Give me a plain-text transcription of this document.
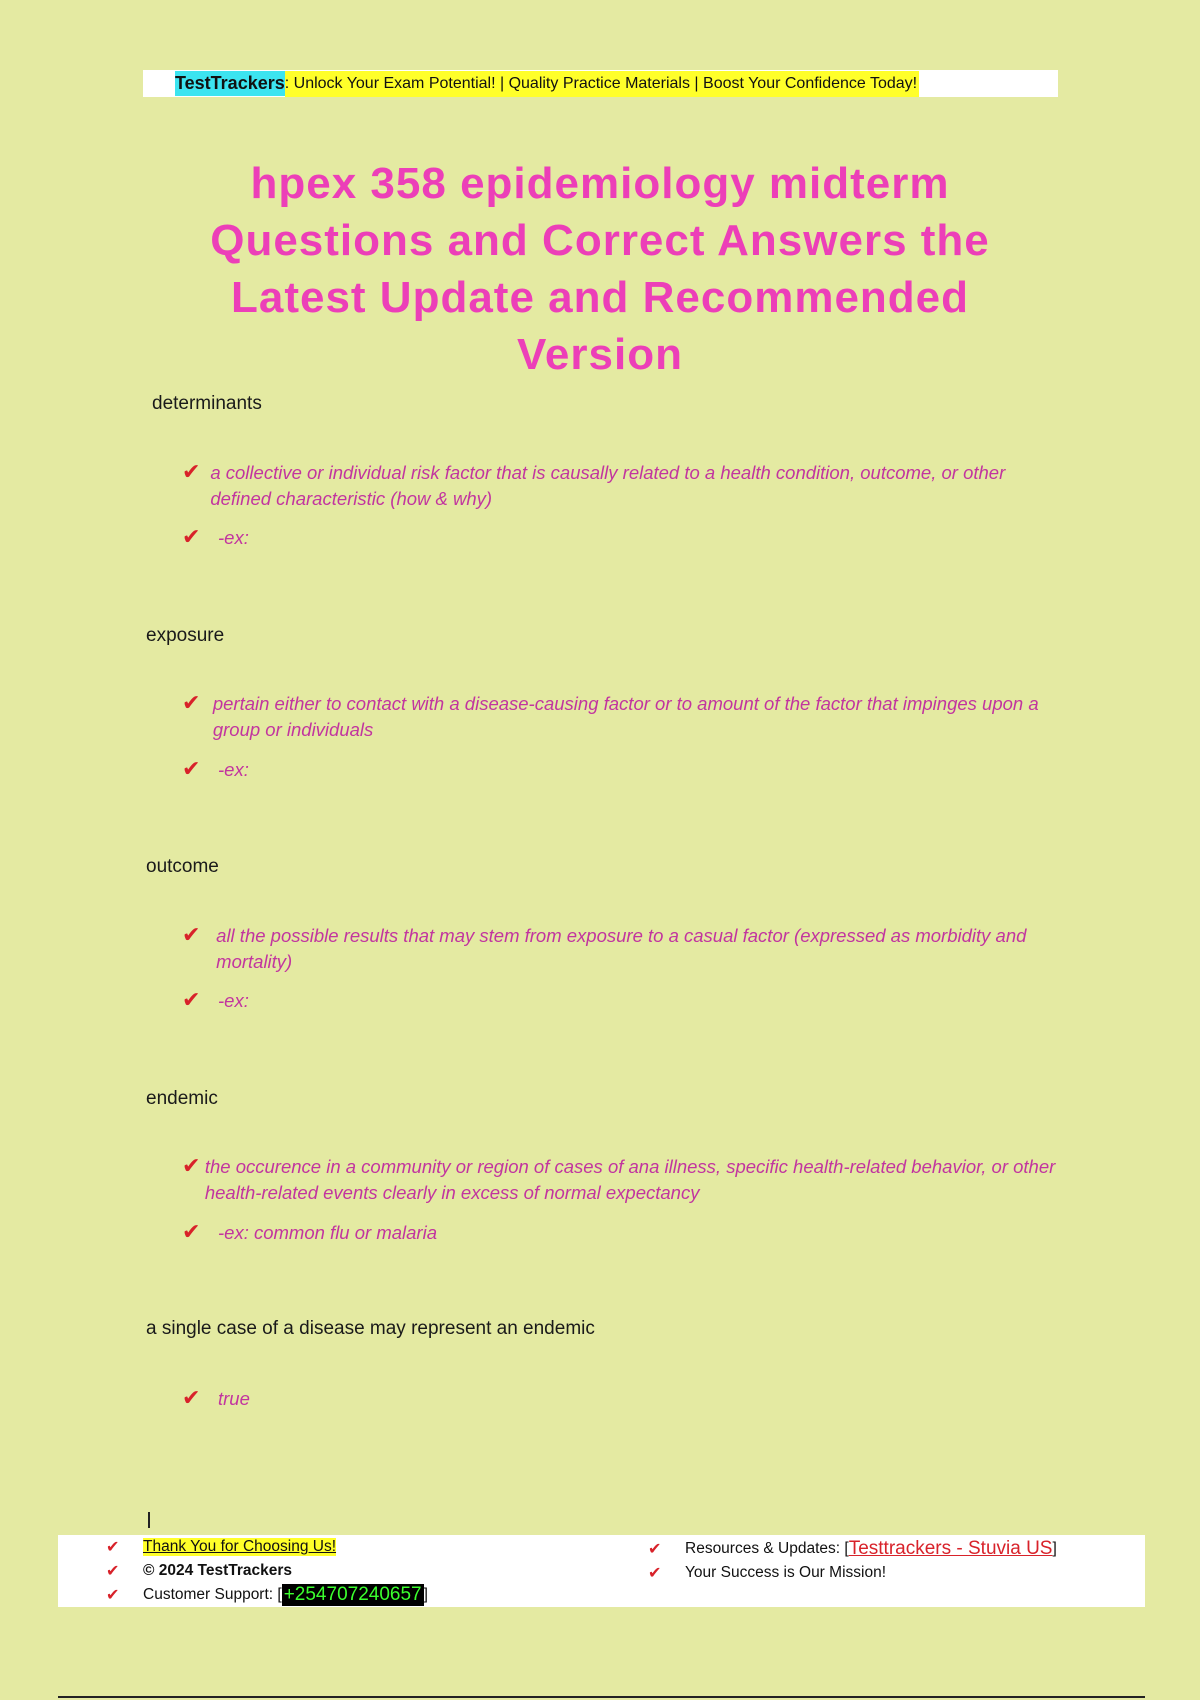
TestTrackers : Unlock Your Exam Potential! | Quality Practice Materials | Boost Your Confidence Today!
hpex 358 epidemiology midterm
Questions and Correct Answers the
Latest Update and Recommended
Version
determinants
✔ a collective or individual risk factor that is causally related to a health condition, outcome, or other defined characteristic (how & why)
✔ -ex:
exposure
✔ pertain either to contact with a disease-causing factor or to amount of the factor that impinges upon a group or individuals
✔ -ex:
outcome
✔ all the possible results that may stem from exposure to a casual factor (expressed as morbidity and mortality)
✔ -ex:
endemic
✔ the occurence in a community or region of cases of ana illness, specific health-related behavior, or other health-related events clearly in excess of normal expectancy
✔ -ex: common flu or malaria
a single case of a disease may represent an endemic
✔ true
✔	Thank You for Choosing Us!
✔	© 2024 TestTrackers
✔	Customer Support: [ +254707240657 ]
✔	Resources & Updates: [ Testtrackers - Stuvia US ]
✔	Your Success is Our Mission!
